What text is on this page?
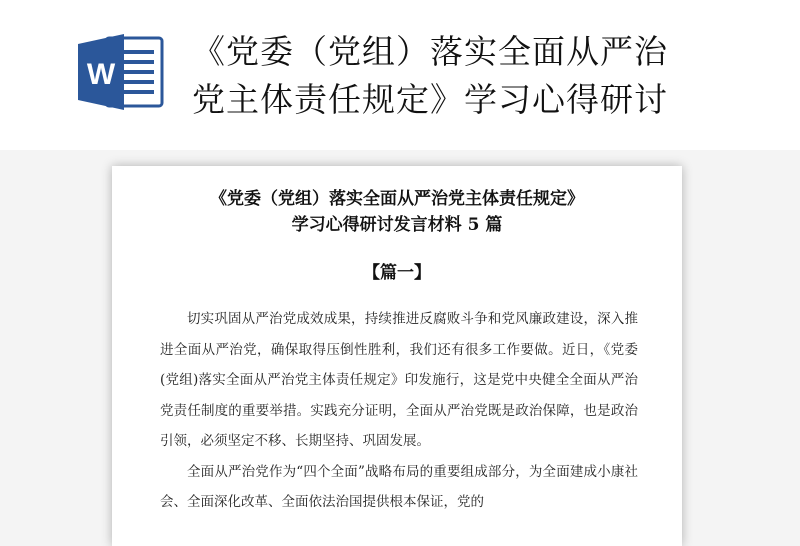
W
《党委（党组）落实全面从严治
党主体责任规定》学习心得研讨
《党委（党组）落实全面从严治党主体责任规定》
学习心得研讨发言材料 5 篇
【篇一】

切实巩固从严治党成效成果，持续推进反腐败斗争和党风廉政建设，深入推进全面从严治党，确保取得压倒性胜利，我们还有很多工作要做。近日，《党委 (党组)落实全面从严治党主体责任规定》印发施行，这是党中央健全全面从严治党责任制度的重要举措。实践充分证明，全面从严治党既是政治保障，也是政治引领，必须坚定不移、长期坚持、巩固发展。

全面从严治党作为“四个全面”战略布局的重要组成部分，为全面建成小康社会、全面深化改革、全面依法治国提供根本保证，党的
